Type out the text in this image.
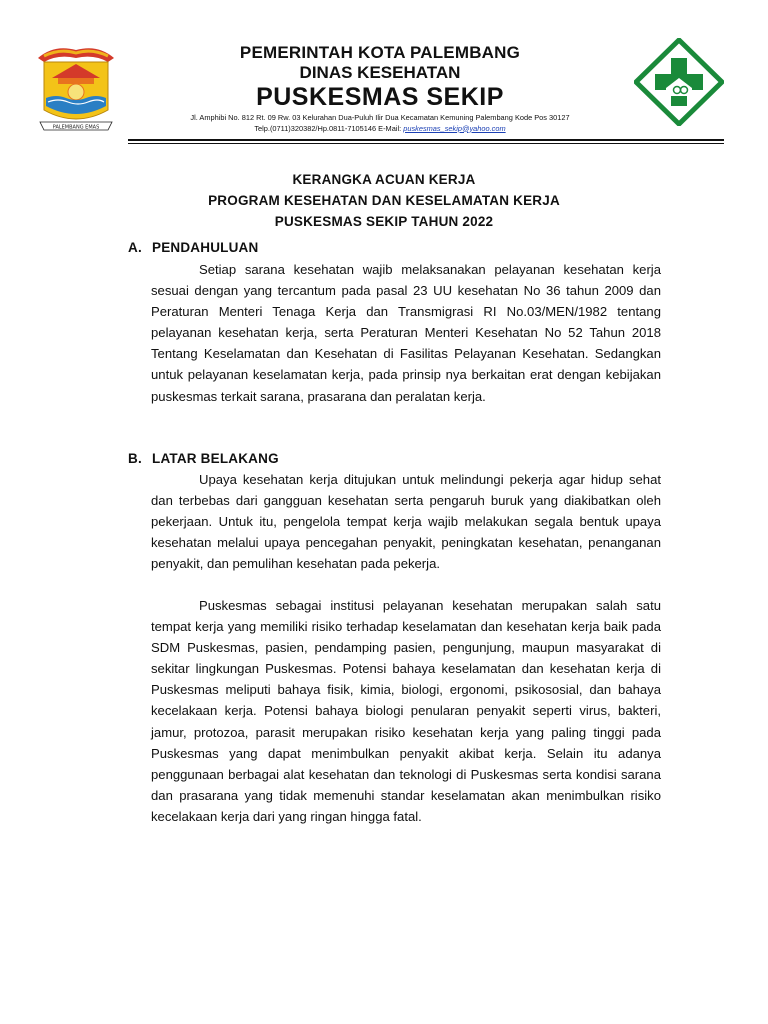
PALEMBANG EMAS
PEMERINTAH KOTA PALEMBANG
DINAS KESEHATAN
PUSKESMAS SEKIP
Jl. Amphibi No. 812 Rt. 09 Rw. 03 Kelurahan Dua-Puluh Ilir Dua Kecamatan Kemuning Palembang Kode Pos 30127
Telp.(0711)320382/Hp.0811-7105146 E-Mail: puskesmas_sekip@yahoo.com
KERANGKA ACUAN KERJA
PROGRAM KESEHATAN DAN KESELAMATAN KERJA
PUSKESMAS SEKIP TAHUN 2022
A. PENDAHULUAN

Setiap sarana kesehatan wajib melaksanakan pelayanan kesehatan kerja sesuai dengan yang tercantum pada pasal 23 UU kesehatan No 36 tahun 2009 dan Peraturan Menteri Tenaga Kerja dan Transmigrasi RI No.03/MEN/1982 tentang pelayanan kesehatan kerja, serta Peraturan Menteri Kesehatan No 52 Tahun 2018 Tentang Keselamatan dan Kesehatan di Fasilitas Pelayanan Kesehatan. Sedangkan untuk pelayanan keselamatan kerja, pada prinsip nya berkaitan erat dengan kebijakan puskesmas terkait sarana, prasarana dan peralatan kerja.

B. LATAR BELAKANG

Upaya kesehatan kerja ditujukan untuk melindungi pekerja agar hidup sehat dan terbebas dari gangguan kesehatan serta pengaruh buruk yang diakibatkan oleh pekerjaan. Untuk itu, pengelola tempat kerja wajib melakukan segala bentuk upaya kesehatan melalui upaya pencegahan penyakit, peningkatan kesehatan, penanganan penyakit, dan pemulihan kesehatan pada pekerja.

Puskesmas sebagai institusi pelayanan kesehatan merupakan salah satu tempat kerja yang memiliki risiko terhadap keselamatan dan kesehatan kerja baik pada SDM Puskesmas, pasien, pendamping pasien, pengunjung, maupun masyarakat di sekitar lingkungan Puskesmas. Potensi bahaya keselamatan dan kesehatan kerja di Puskesmas meliputi bahaya fisik, kimia, biologi, ergonomi, psikososial, dan bahaya kecelakaan kerja. Potensi bahaya biologi penularan penyakit seperti virus, bakteri, jamur, protozoa, parasit merupakan risiko kesehatan kerja yang paling tinggi pada Puskesmas yang dapat menimbulkan penyakit akibat kerja. Selain itu adanya penggunaan berbagai alat kesehatan dan teknologi di Puskesmas serta kondisi sarana dan prasarana yang tidak memenuhi standar keselamatan akan menimbulkan risiko kecelakaan kerja dari yang ringan hingga fatal.
